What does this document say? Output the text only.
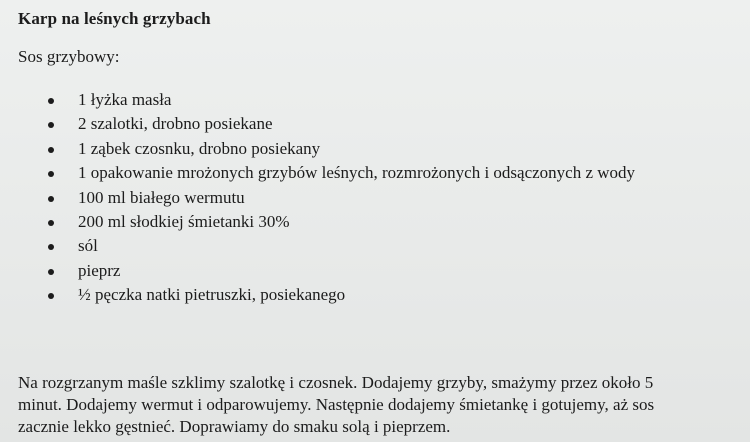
Karp na leśnych grzybach
Sos grzybowy:
1 łyżka masła
2 szalotki, drobno posiekane
1 ząbek czosnku, drobno posiekany
1 opakowanie mrożonych grzybów leśnych, rozmrożonych i odsączonych z wody
100 ml białego wermutu
200 ml słodkiej śmietanki 30%
sól
pieprz
½ pęczka natki pietruszki, posiekanego
Na rozgrzanym maśle szklimy szalotkę i czosnek. Dodajemy grzyby, smażymy przez około 5
minut. Dodajemy wermut i odparowujemy. Następnie dodajemy śmietankę i gotujemy, aż sos
zacznie lekko gęstnieć. Doprawiamy do smaku solą i pieprzem.
